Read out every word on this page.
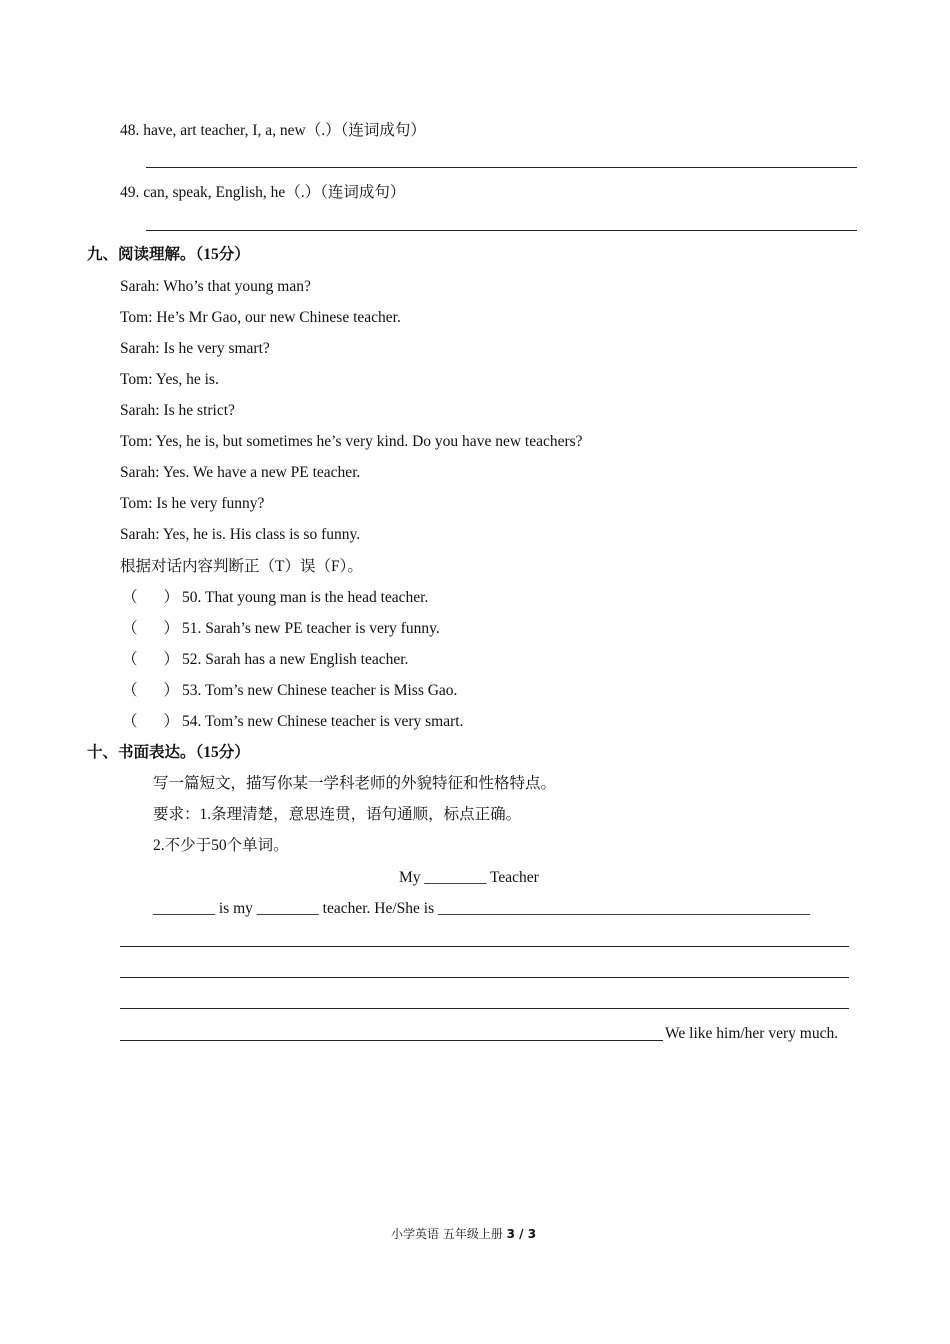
48. have, art teacher, I, a, new（.）（连词成句）
49. can, speak, English, he（.）（连词成句）
九、阅读理解。（15分）
Sarah: Who’s that young man?
Tom: He’s Mr Gao, our new Chinese teacher.
Sarah: Is he very smart?
Tom: Yes, he is.
Sarah: Is he strict?
Tom: Yes, he is, but sometimes he’s very kind. Do you have new teachers?
Sarah: Yes. We have a new PE teacher.
Tom: Is he very funny?
Sarah: Yes, he is. His class is so funny.
根据对话内容判断正（T）误（F）。
（ ） 50. That young man is the head teacher.
（ ） 51. Sarah’s new PE teacher is very funny.
（ ） 52. Sarah has a new English teacher.
（ ） 53. Tom’s new Chinese teacher is Miss Gao.
（ ） 54. Tom’s new Chinese teacher is very smart.
十、书面表达。（15分）
写一篇短文，描写你某一学科老师的外貌特征和性格特点。
要求：1.条理清楚，意思连贯，语句通顺，标点正确。
2.不少于50个单词。
My ________ Teacher
________ is my ________ teacher. He/She is ________________________________________________
We like him/her very much.
小学英语 五年级上册 3 / 3
